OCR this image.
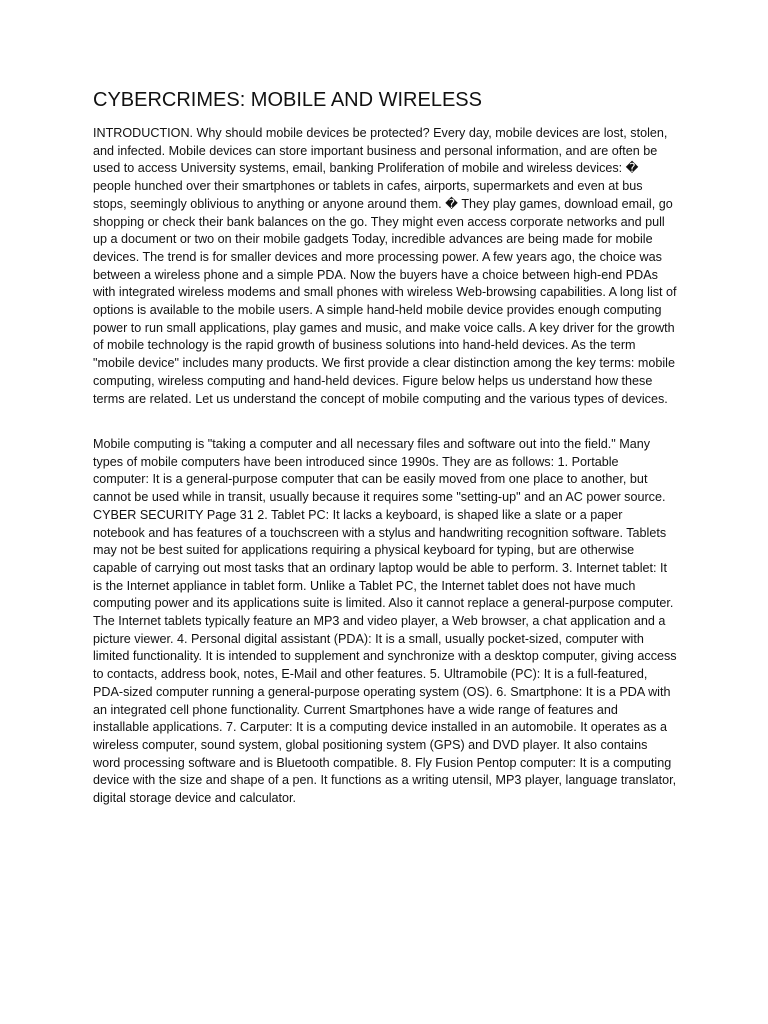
CYBERCRIMES: MOBILE AND WIRELESS

INTRODUCTION. Why should mobile devices be protected? Every day, mobile devices are lost, stolen, and infected. Mobile devices can store important business and personal information, and are often be used to access University systems, email, banking Proliferation of mobile and wireless devices: � people hunched over their smartphones or tablets in cafes, airports, supermarkets and even at bus stops, seemingly oblivious to anything or anyone around them. � They play games, download email, go shopping or check their bank balances on the go. They might even access corporate networks and pull up a document or two on their mobile gadgets Today, incredible advances are being made for mobile devices. The trend is for smaller devices and more processing power. A few years ago, the choice was between a wireless phone and a simple PDA. Now the buyers have a choice between high-end PDAs with integrated wireless modems and small phones with wireless Web-browsing capabilities. A long list of options is available to the mobile users. A simple hand-held mobile device provides enough computing power to run small applications, play games and music, and make voice calls. A key driver for the growth of mobile technology is the rapid growth of business solutions into hand-held devices. As the term "mobile device" includes many products. We first provide a clear distinction among the key terms: mobile computing, wireless computing and hand-held devices. Figure below helps us understand how these terms are related. Let us understand the concept of mobile computing and the various types of devices.

Mobile computing is "taking a computer and all necessary files and software out into the field." Many types of mobile computers have been introduced since 1990s. They are as follows: 1. Portable computer: It is a general-purpose computer that can be easily moved from one place to another, but cannot be used while in transit, usually because it requires some "setting-up" and an AC power source. CYBER SECURITY Page 31 2. Tablet PC: It lacks a keyboard, is shaped like a slate or a paper notebook and has features of a touchscreen with a stylus and handwriting recognition software. Tablets may not be best suited for applications requiring a physical keyboard for typing, but are otherwise capable of carrying out most tasks that an ordinary laptop would be able to perform. 3. Internet tablet: It is the Internet appliance in tablet form. Unlike a Tablet PC, the Internet tablet does not have much computing power and its applications suite is limited. Also it cannot replace a general-purpose computer. The Internet tablets typically feature an MP3 and video player, a Web browser, a chat application and a picture viewer. 4. Personal digital assistant (PDA): It is a small, usually pocket-sized, computer with limited functionality. It is intended to supplement and synchronize with a desktop computer, giving access to contacts, address book, notes, E-Mail and other features. 5. Ultramobile (PC): It is a full-featured, PDA-sized computer running a general-purpose operating system (OS). 6. Smartphone: It is a PDA with an integrated cell phone functionality. Current Smartphones have a wide range of features and installable applications. 7. Carputer: It is a computing device installed in an automobile. It operates as a wireless computer, sound system, global positioning system (GPS) and DVD player. It also contains word processing software and is Bluetooth compatible. 8. Fly Fusion Pentop computer: It is a computing device with the size and shape of a pen. It functions as a writing utensil, MP3 player, language translator, digital storage device and calculator.
